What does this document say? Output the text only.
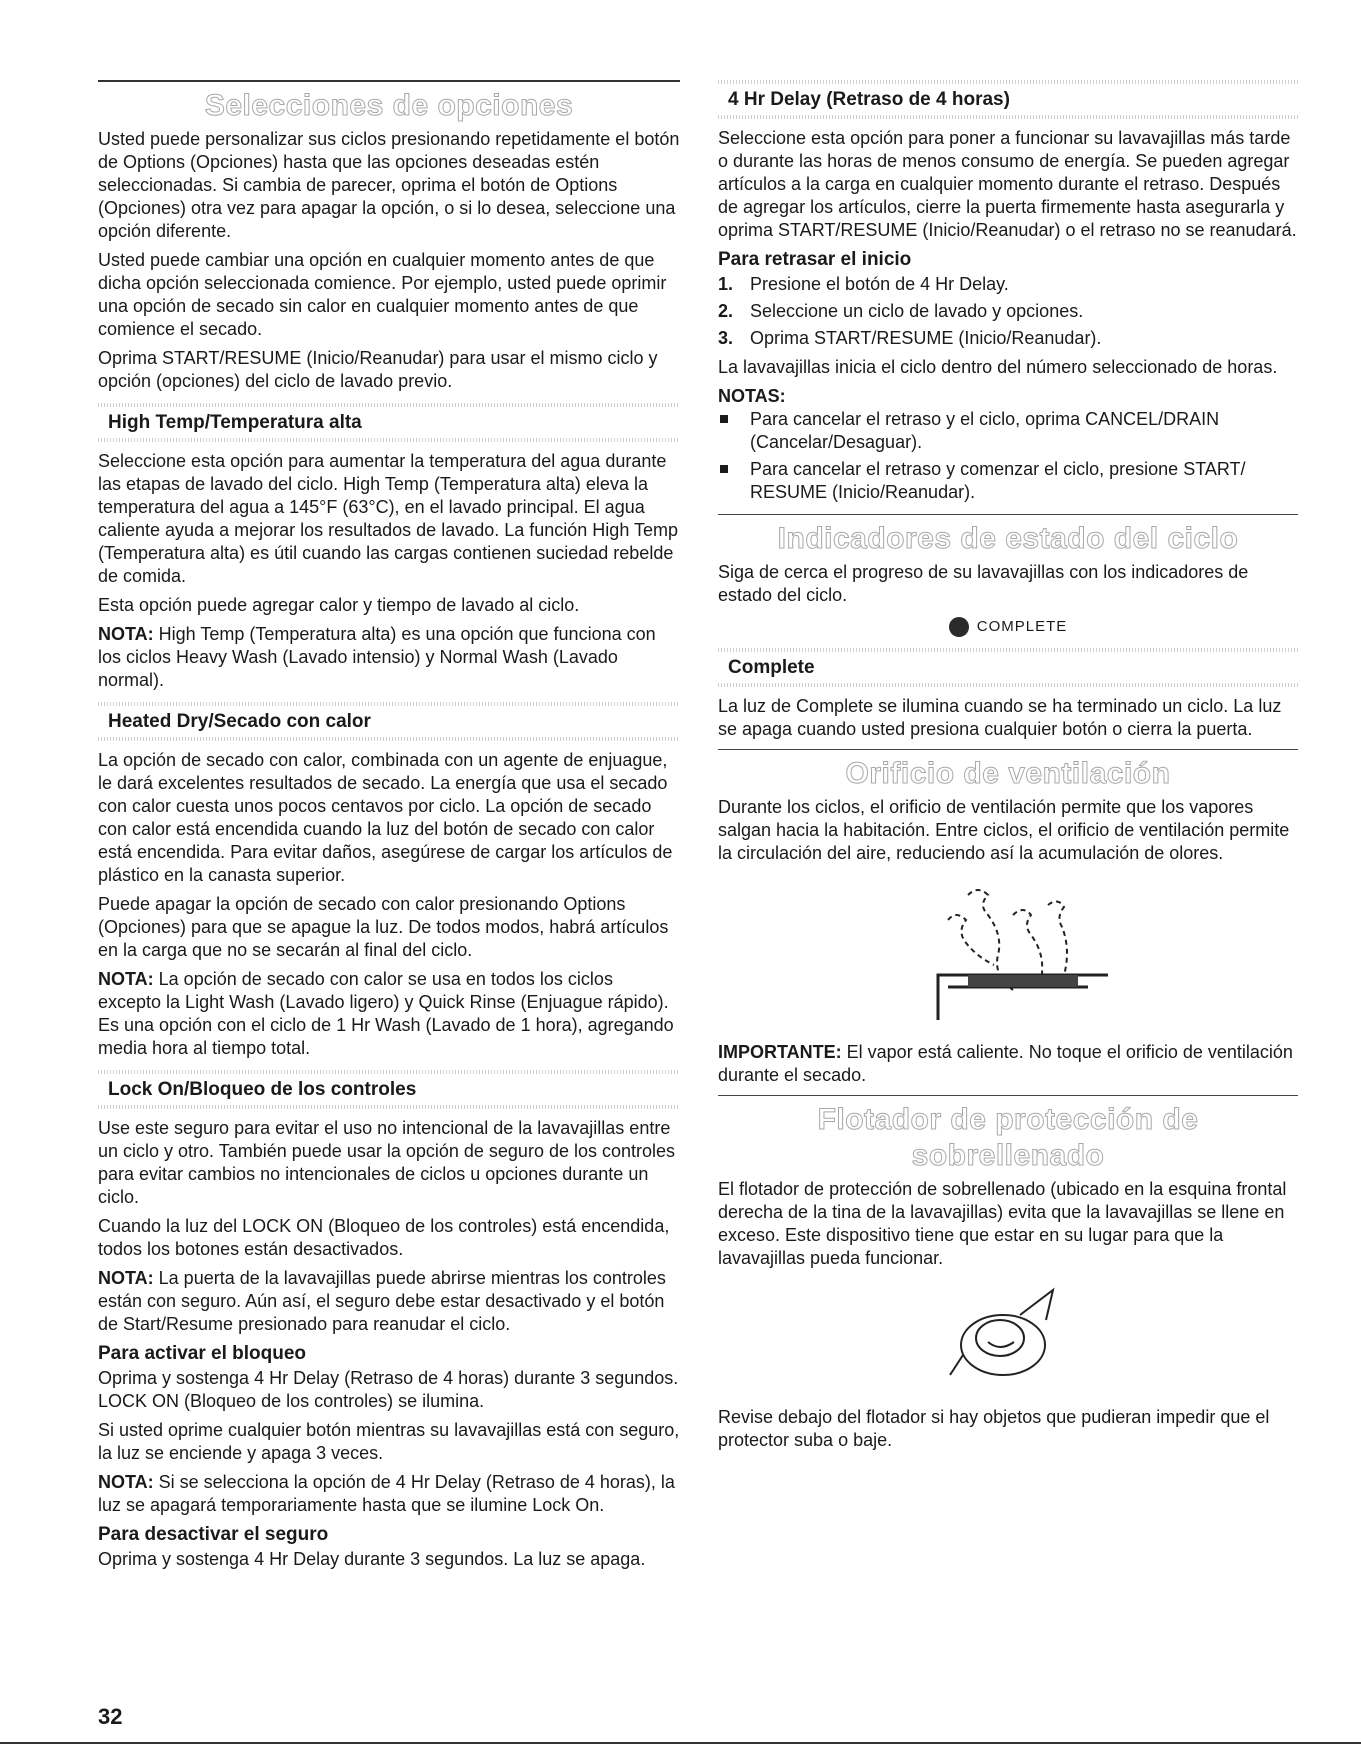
Selecciones de opciones

Usted puede personalizar sus ciclos presionando repetidamente el botón de Options (Opciones) hasta que las opciones deseadas estén seleccionadas. Si cambia de parecer, oprima el botón de Options (Opciones) otra vez para apagar la opción, o si lo desea, seleccione una opción diferente.

Usted puede cambiar una opción en cualquier momento antes de que dicha opción seleccionada comience. Por ejemplo, usted puede oprimir una opción de secado sin calor en cualquier momento antes de que comience el secado.

Oprima START/RESUME (Inicio/Reanudar) para usar el mismo ciclo y opción (opciones) del ciclo de lavado previo.

High Temp/Temperatura alta

Seleccione esta opción para aumentar la temperatura del agua durante las etapas de lavado del ciclo. High Temp (Temperatura alta) eleva la temperatura del agua a 145°F (63°C), en el lavado principal. El agua caliente ayuda a mejorar los resultados de lavado. La función High Temp (Temperatura alta) es útil cuando las cargas contienen suciedad rebelde de comida.

Esta opción puede agregar calor y tiempo de lavado al ciclo.

NOTA: High Temp (Temperatura alta) es una opción que funciona con los ciclos Heavy Wash (Lavado intensio) y Normal Wash (Lavado normal).

Heated Dry/Secado con calor

La opción de secado con calor, combinada con un agente de enjuague, le dará excelentes resultados de secado. La energía que usa el secado con calor cuesta unos pocos centavos por ciclo. La opción de secado con calor está encendida cuando la luz del botón de secado con calor está encendida. Para evitar daños, asegúrese de cargar los artículos de plástico en la canasta superior.

Puede apagar la opción de secado con calor presionando Options (Opciones) para que se apague la luz. De todos modos, habrá artículos en la carga que no se secarán al final del ciclo.

NOTA: La opción de secado con calor se usa en todos los ciclos excepto la Light Wash (Lavado ligero) y Quick Rinse (Enjuague rápido). Es una opción con el ciclo de 1 Hr Wash (Lavado de 1 hora), agregando media hora al tiempo total.

Lock On/Bloqueo de los controles

Use este seguro para evitar el uso no intencional de la lavavajillas entre un ciclo y otro. También puede usar la opción de seguro de los controles para evitar cambios no intencionales de ciclos u opciones durante un ciclo.

Cuando la luz del LOCK ON (Bloqueo de los controles) está encendida, todos los botones están desactivados.

NOTA: La puerta de la lavavajillas puede abrirse mientras los controles están con seguro. Aún así, el seguro debe estar desactivado y el botón de Start/Resume presionado para reanudar el ciclo.

Para activar el bloqueo

Oprima y sostenga 4 Hr Delay (Retraso de 4 horas) durante 3 segundos. LOCK ON (Bloqueo de los controles) se ilumina.

Si usted oprime cualquier botón mientras su lavavajillas está con seguro, la luz se enciende y apaga 3 veces.

NOTA: Si se selecciona la opción de 4 Hr Delay (Retraso de 4 horas), la luz se apagará temporariamente hasta que se ilumine Lock On.

Para desactivar el seguro

Oprima y sostenga 4 Hr Delay durante 3 segundos. La luz se apaga.

4 Hr Delay (Retraso de 4 horas)

Seleccione esta opción para poner a funcionar su lavavajillas más tarde o durante las horas de menos consumo de energía. Se pueden agregar artículos a la carga en cualquier momento durante el retraso. Después de agregar los artículos, cierre la puerta firmemente hasta asegurarla y oprima START/RESUME (Inicio/Reanudar) o el retraso no se reanudará.

Para retrasar el inicio
1. Presione el botón de 4 Hr Delay.
2. Seleccione un ciclo de lavado y opciones.
3. Oprima START/RESUME (Inicio/Reanudar).

La lavavajillas inicia el ciclo dentro del número seleccionado de horas.

NOTAS:
Para cancelar el retraso y el ciclo, oprima CANCEL/DRAIN (Cancelar/Desaguar).
Para cancelar el retraso y comenzar el ciclo, presione START/ RESUME (Inicio/Reanudar).
Indicadores de estado del ciclo

Siga de cerca el progreso de su lavavajillas con los indicadores de estado del ciclo.

COMPLETE
Complete

La luz de Complete se ilumina cuando se ha terminado un ciclo. La luz se apaga cuando usted presiona cualquier botón o cierra la puerta.

Orificio de ventilación

Durante los ciclos, el orificio de ventilación permite que los vapores salgan hacia la habitación. Entre ciclos, el orificio de ventilación permite la circulación del aire, reduciendo así la acumulación de olores.

IMPORTANTE: El vapor está caliente. No toque el orificio de ventilación durante el secado.

Flotador de protección de sobrellenado

El flotador de protección de sobrellenado (ubicado en la esquina frontal derecha de la tina de la lavavajillas) evita que la lavavajillas se llene en exceso. Este dispositivo tiene que estar en su lugar para que la lavavajillas pueda funcionar.

Revise debajo del flotador si hay objetos que pudieran impedir que el protector suba o baje.

32
